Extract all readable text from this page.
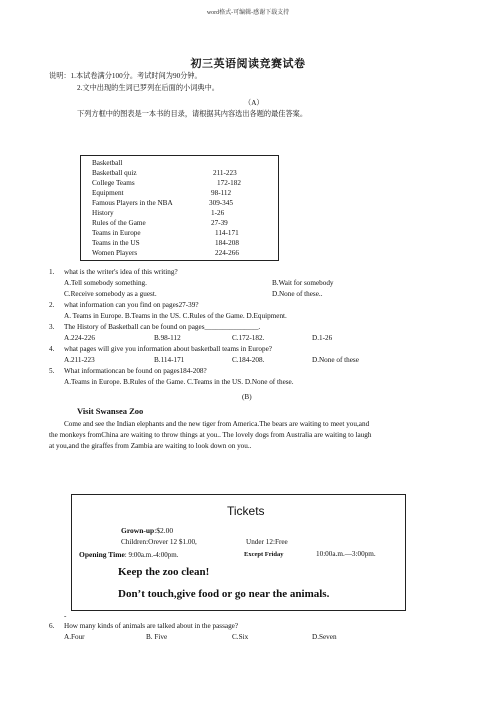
word格式-可编辑-感谢下载支持
初三英语阅读竞赛试卷
说明：1.本试卷满分100分。考试时间为90分钟。
2.文中出现的生词已罗列在后面的小词典中。
（A）
下列方框中的图表是一本书的目录，请根据其内容选出各题的最佳答案。
Basketball
Basketball quiz	211-223
College Teams	172-182
Equipment	98-112
Famous Players in the NBA	309-345
History	1-26
Rules of the Game	27-39
Teams in Europe	114-171
Teams in the US	184-208
Women Players	224-266
1. what is the writer's idea of this writing?
A.Tell somebody something.	B.Wait for somebody
C.Receive somebody as a guest.	D.None of these..
2. what information can you find on pages27-39?
A. Teams in Europe. B.Teams in the US. C.Rules of the Game. D.Equipment.
3. The History of Basketball can be found on pages_______________.
A.224-226	B.98-112	C.172-182.	D.1-26
4. what pages will give you information about basketball teams in Europe?
A.211-223	B.114-171	C.184-208.	D.None of these
5. What informationcan be found on pages184-208?
A.Teams in Europe. B.Rules of the Game. C.Teams in the US. D.None of these.
(B)
Visit Swansea Zoo
Come and see the Indian elephants and the new tiger from America.The bears are waiting to meet you,and
the monkeys fromChina are waiting to throw things at you.. The lovely dogs from Australia are waiting to laugh
at you,and the giraffes from Zambia are waiting to look down on you..
Tickets
Grown-up:$2.00
Children:Orever 12 $1.00,	Under 12:Free
Opening Time: 9:00a.m.-4:00pm.	Except Friday	10:00a.m.—3:00pm.
Keep the zoo clean!
Don’t touch,give food or go near the animals.
-
6. How many kinds of animals are talked about in the passage?
A.Four	B. Five	C.Six	D.Seven
